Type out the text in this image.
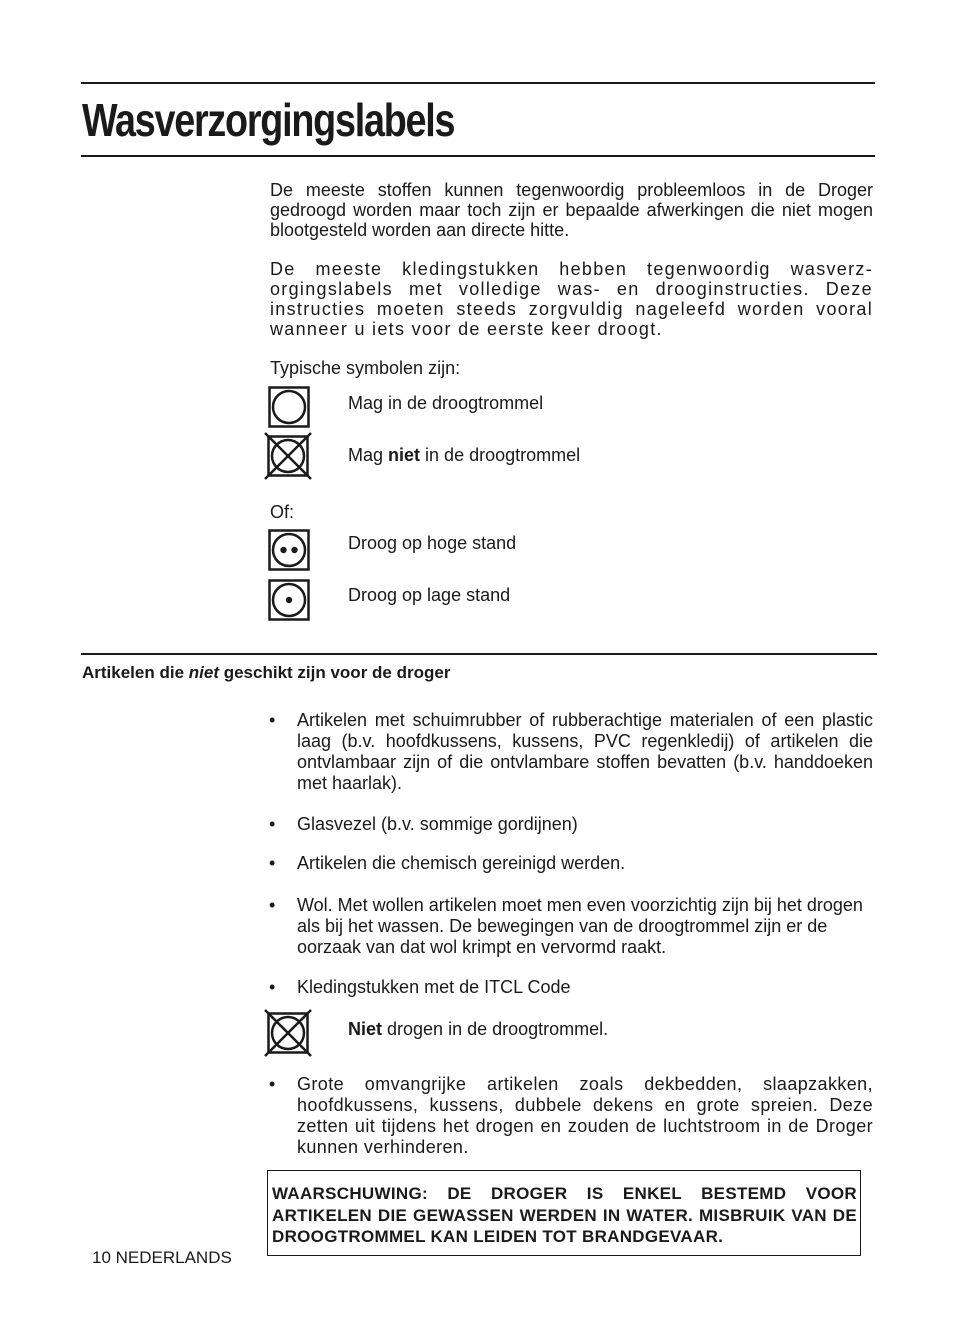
Wasverzorgingslabels

De meeste stoffen kunnen tegenwoordig probleemloos in de Droger gedroogd worden maar toch zijn er bepaalde afwerkingen die niet mogen blootgesteld worden aan directe hitte.

De meeste kledingstukken hebben tegenwoordig wasverz-orgingslabels met volledige was- en drooginstructies. Deze instructies moeten steeds zorgvuldig nageleefd worden vooral wanneer u iets voor de eerste keer droogt.

Typische symbolen zijn:
Mag in de droogtrommel
Mag niet in de droogtrommel
Of:
Droog op hoge stand
Droog op lage stand
Artikelen die niet geschikt zijn voor de droger
• Artikelen met schuimrubber of rubberachtige materialen of een plastic laag (b.v. hoofdkussens, kussens, PVC regenkledij) of artikelen die ontvlambaar zijn of die ontvlambare stoffen bevatten (b.v. handdoeken met haarlak).

• Glasvezel (b.v. sommige gordijnen)

• Artikelen die chemisch gereinigd werden.

• Wol. Met wollen artikelen moet men even voorzichtig zijn bij het drogen als bij het wassen. De bewegingen van de droogtrommel zijn er de oorzaak van dat wol krimpt en vervormd raakt.

• Kledingstukken met de ITCL Code

Niet drogen in de droogtrommel.
• Grote omvangrijke artikelen zoals dekbedden, slaapzakken, hoofdkussens, kussens, dubbele dekens en grote spreien. Deze zetten uit tijdens het drogen en zouden de luchtstroom in de Droger kunnen verhinderen.

WAARSCHUWING: DE DROGER IS ENKEL BESTEMD VOOR ARTIKELEN DIE GEWASSEN WERDEN IN WATER. MISBRUIK VAN DE DROOGTROMMEL KAN LEIDEN TOT BRANDGEVAAR.
10 NEDERLANDS
